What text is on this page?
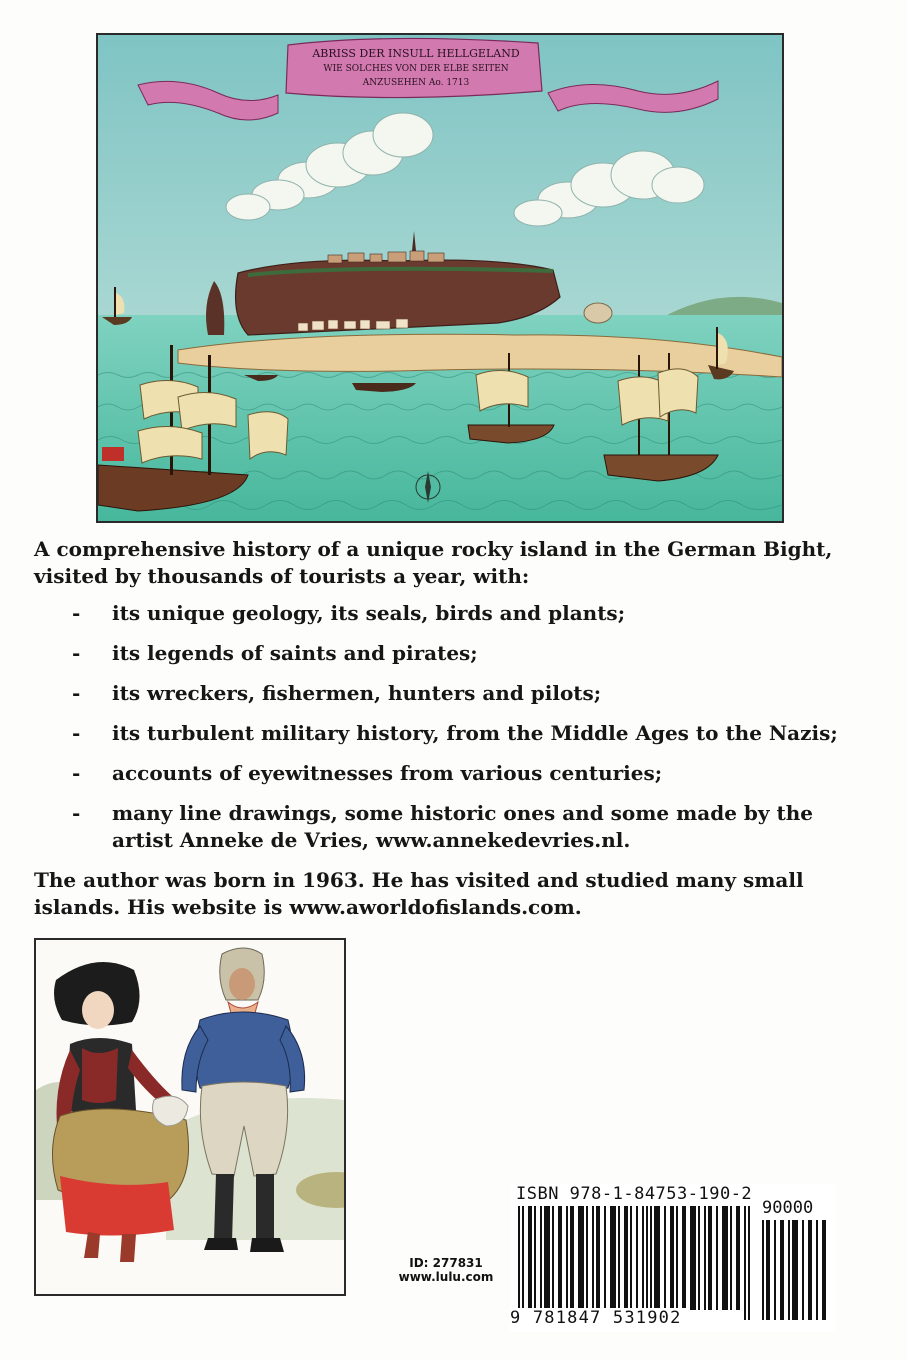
ABRISS DER INSULL HELLGELAND
WIE SOLCHES VON DER ELBE SEITEN
ANZUSEHEN Ao. 1713

A comprehensive history of a unique rocky island in the German Bight, visited by thousands of tourists a year, with:

- its unique geology, its seals, birds and plants;
- its legends of saints and pirates;
- its wreckers, fishermen, hunters and pilots;
- its turbulent military history, from the Middle Ages to the Nazis;
- accounts of eyewitnesses from various centuries;
- many line drawings, some historic ones and some made by the artist Anneke de Vries, www.annekedevries.nl.

The author was born in 1963. He has visited and studied many small islands. His website is www.aworldofislands.com.

ID: 277831
www.lulu.com
ISBN 978-1-84753-190-2
90000
9 781847 531902
